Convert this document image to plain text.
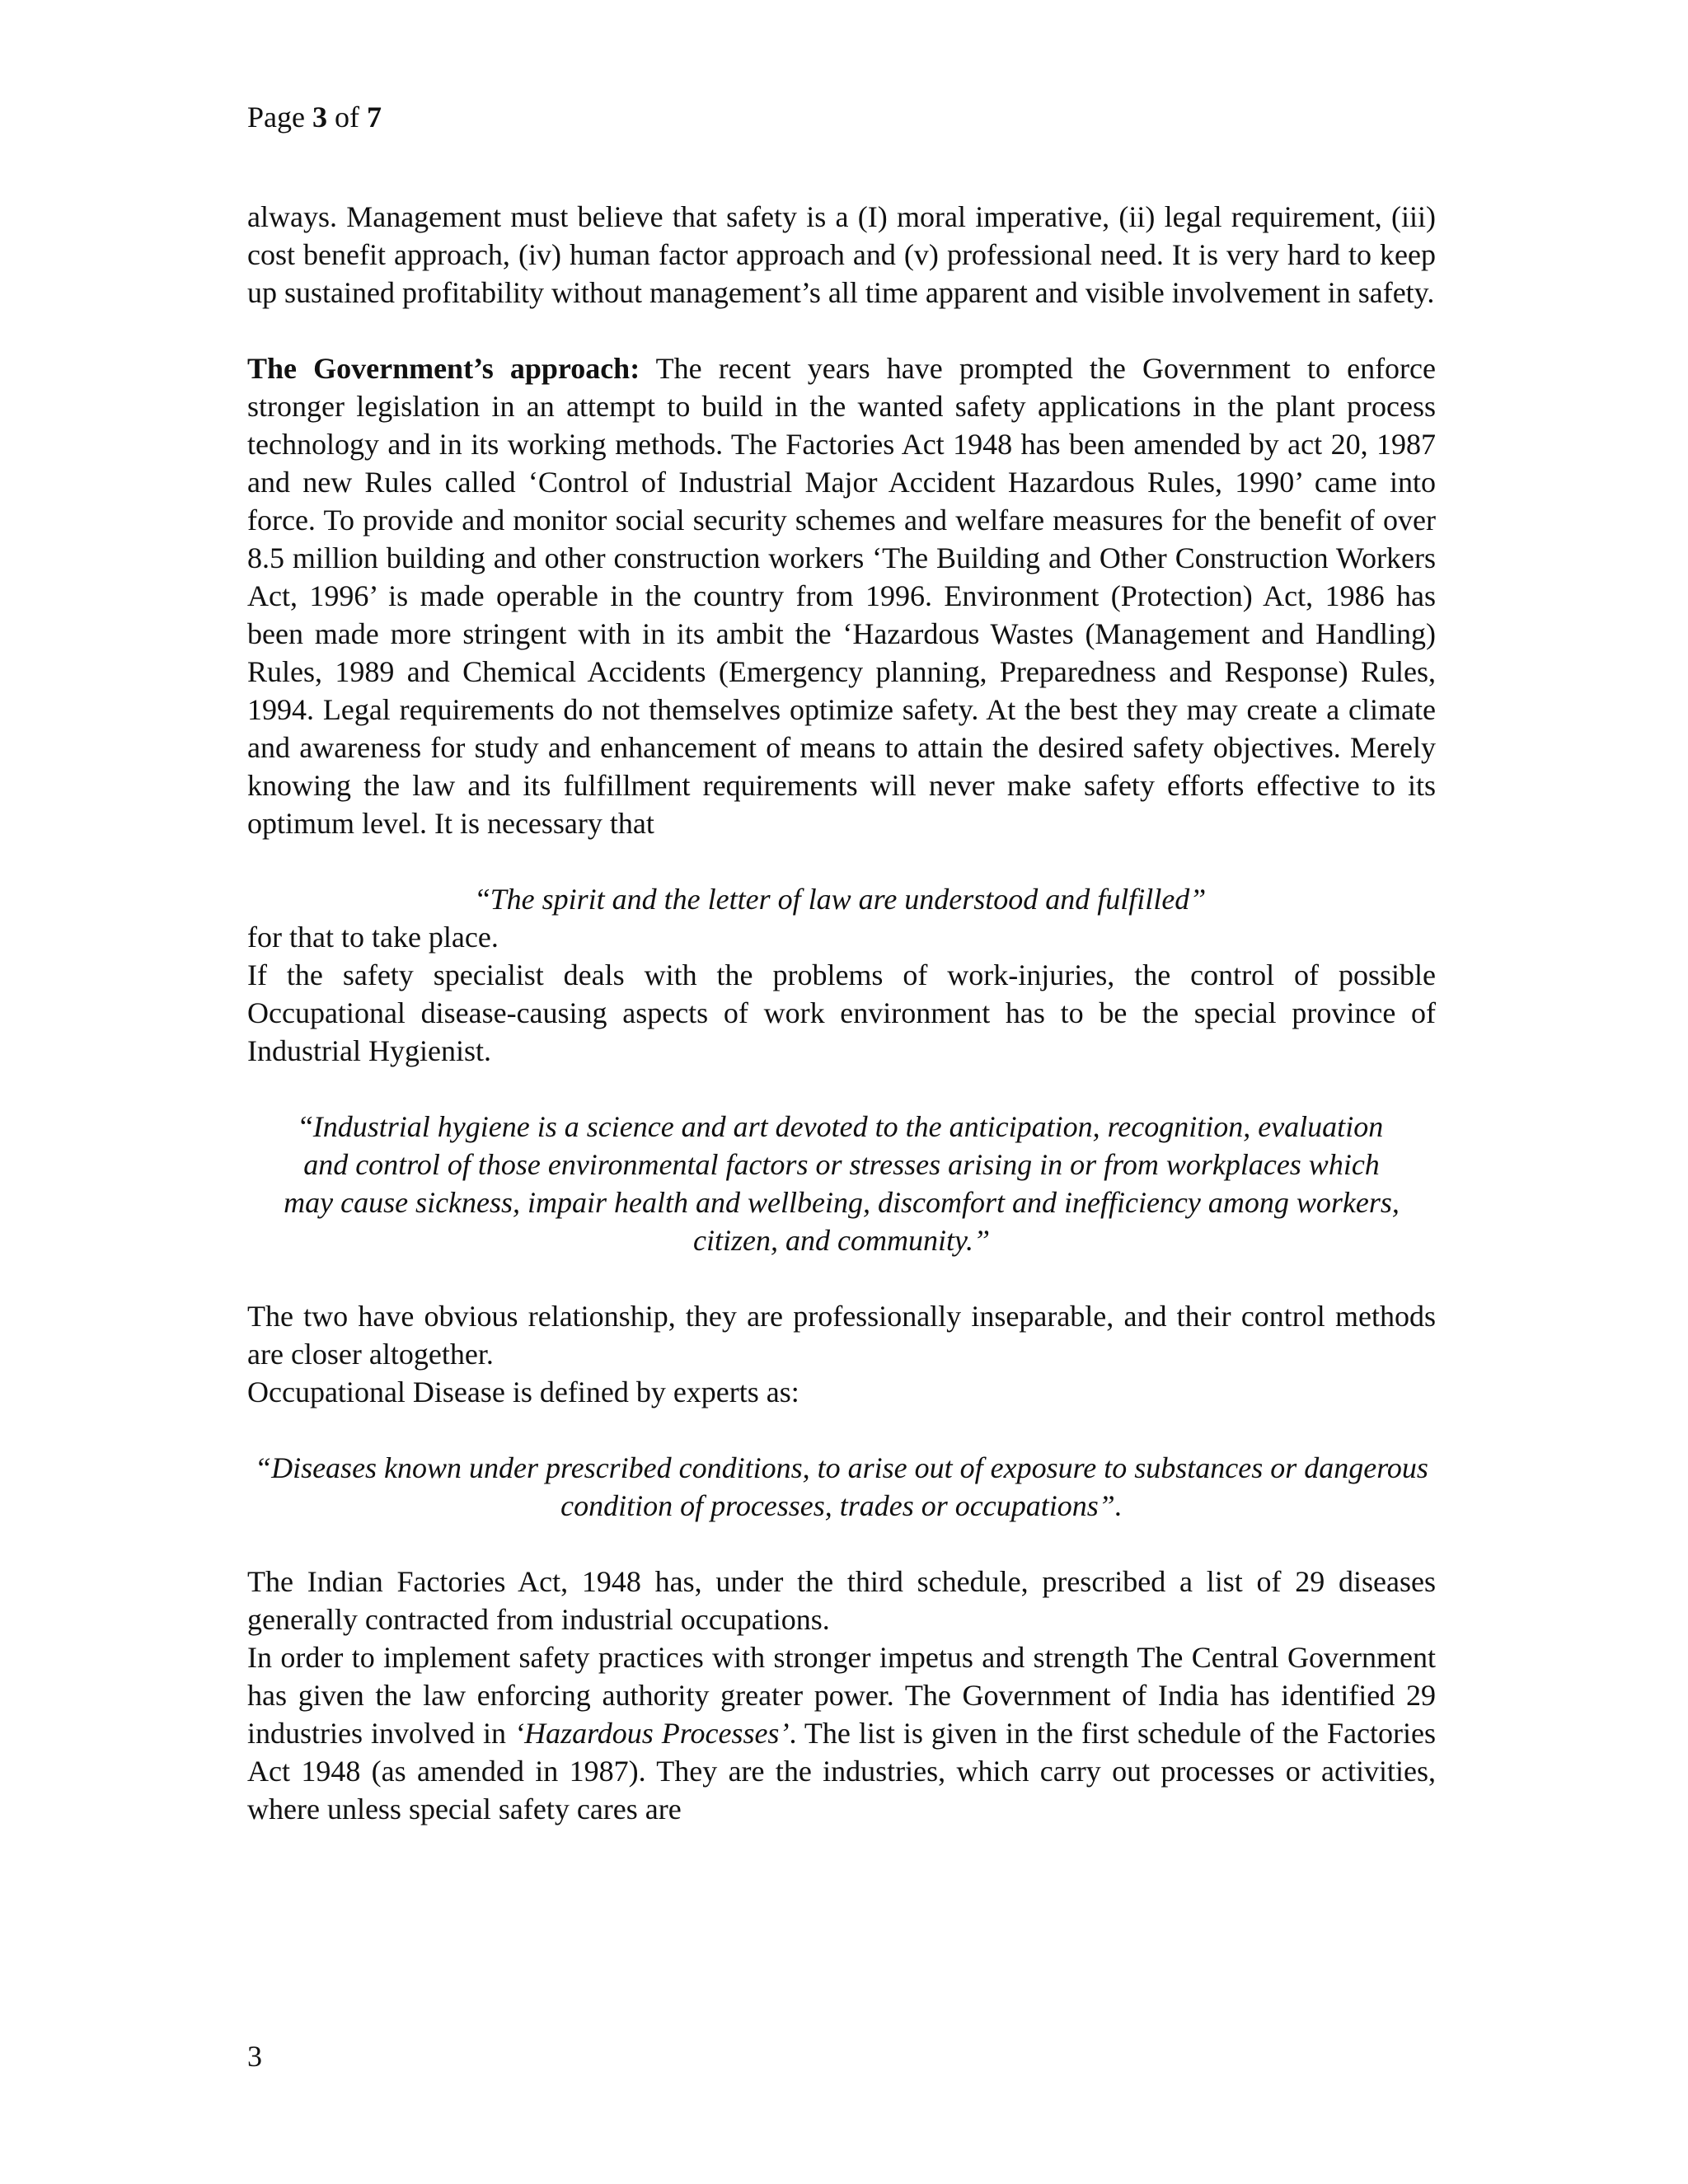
Page 3 of 7

always. Management must believe that safety is a (I) moral imperative, (ii) legal requirement, (iii) cost benefit approach, (iv) human factor approach and (v) professional need. It is very hard to keep up sustained profitability without management’s all time apparent and visible involvement in safety.

The Government’s approach: The recent years have prompted the Government to enforce stronger legislation in an attempt to build in the wanted safety applications in the plant process technology and in its working methods. The Factories Act 1948 has been amended by act 20, 1987 and new Rules called ‘Control of Industrial Major Accident Hazardous Rules, 1990’ came into force. To provide and monitor social security schemes and welfare measures for the benefit of over 8.5 million building and other construction workers ‘The Building and Other Construction Workers Act, 1996’ is made operable in the country from 1996. Environment (Protection) Act, 1986 has been made more stringent with in its ambit the ‘Hazardous Wastes (Management and Handling) Rules, 1989 and Chemical Accidents (Emergency planning, Preparedness and Response) Rules, 1994. Legal requirements do not themselves optimize safety. At the best they may create a climate and awareness for study and enhancement of means to attain the desired safety objectives. Merely knowing the law and its fulfillment requirements will never make safety efforts effective to its optimum level. It is necessary that

“The spirit and the letter of law are understood and fulfilled”

for that to take place.

If the safety specialist deals with the problems of work-injuries, the control of possible Occupational disease-causing aspects of work environment has to be the special province of Industrial Hygienist.

“Industrial hygiene is a science and art devoted to the anticipation, recognition, evaluation and control of those environmental factors or stresses arising in or from workplaces which may cause sickness, impair health and wellbeing, discomfort and inefficiency among workers, citizen, and community.”

The two have obvious relationship, they are professionally inseparable, and their control methods are closer altogether.

Occupational Disease is defined by experts as:

“Diseases known under prescribed conditions, to arise out of exposure to substances or dangerous condition of processes, trades or occupations”.

The Indian Factories Act, 1948 has, under the third schedule, prescribed a list of 29 diseases generally contracted from industrial occupations.

In order to implement safety practices with stronger impetus and strength The Central Government has given the law enforcing authority greater power. The Government of India has identified 29 industries involved in ‘Hazardous Processes’. The list is given in the first schedule of the Factories Act 1948 (as amended in 1987). They are the industries, which carry out processes or activities, where unless special safety cares are

3
